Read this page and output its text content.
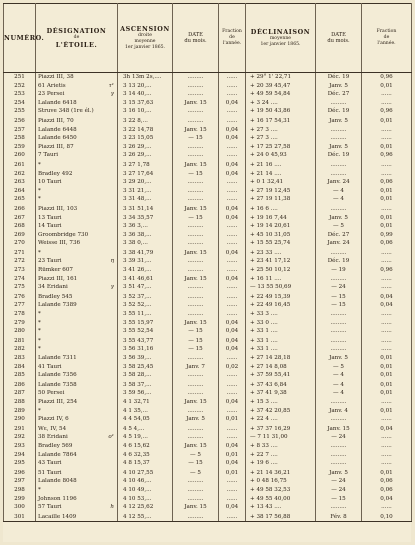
NUMÉRO.	DÉSIGNATION
de
L'ÉTOILE.	ASCENSION
droite
moyenne
1er janvier 1865.	DATE
du mois.	Fraction
de
l'année.	DÉCLINAISON
moyenne
1er janvier 1865.	DATE
du mois.	Fraction
de
l'année.

251	Piazzi III, 38	3h 13m 2s,....	.........	......	+ 29° 1' 22,71	Déc. 19	0,96
252	61 Arietis τ¹	3 13 20,...	.........	......	+ 20 39 45,47	Janv. 5	0,01
253	23 Persei γ	3 14 40,...	.........	......	+ 49 59 54,84	Déc. 27	......
254	Lalande 6418	3 15 37,63	Janv. 15	0,04	+ 3 24 ....	.........	......
255	Struve 348 (1re él.)	3 16 10,...	.........	......	+ 19 50 43,86	Déc. 19	0,96
256	Piazzi III, 70	3 22 8,...	.........	......	+ 16 17 54,31	Janv. 5	0,01
257	Lalande 6448	3 22 14,78	Janv. 15	0,04	+ 27 3 ....	.........	......
258	Lalande 6450	3 23 15,05	— 15	0,04	+ 27 3 ....	.........	......
259	Piazzi III, 87	3 26 29,...	.........	......	+ 17 25 27,58	Janv. 5	0,01
260	7 Tauri	3 26 29,...	.........	......	+ 24 0 45,93	Déc. 19	0,96
261	*	3 27 1,78	Janv. 15	0,04	+ 21 16 ....	.........	......
262	Bradley 492	3 27 17,64	— 15	0,04	+ 21 14 ....	.........	......
263	10 Tauri	3 29 20,...	.........	......	+ 0 1 32,41	Janv. 24	0,06
264	*	3 31 21,...	.........	......	+ 27 19 12,45	— 4	0,01
265	*	3 31 48,...	.........	......	+ 27 19 11,38	— 4	0,01
266	Piazzi III, 103	3 31 51,14	Janv. 15	0,04	+ 16 6 ....	.........	......
267	13 Tauri	3 34 35,57	— 15	0,04	+ 19 16 7,44	Janv. 5	0,01
268	14 Tauri	3 36 3,...	.........	......	+ 19 14 20,61	— 5	0,01
269	Groombridge 730	3 36 38,...	.........	......	+ 45 10 31,05	Déc. 27	0,99
270	Weisse III, 736	3 38 0,...	.........	......	+ 15 55 25,74	Janv. 24	0,06
271	*	3 38 41,79	Janv. 15	0,04	+ 23 33 ....	.........	......
272	23 Tauri η	3 39 31,...	.........	......	+ 23 41 17,12	Déc. 19	......
273	Rümker 607	3 41 26,...	.........	......	+ 25 50 10,12	— 19	0,96
274	Piazzi III, 161	3 41 46,61	Janv. 15	0,04	+ 16 11 ....	.........	......
275	34 Eridani γ	3 51 47,...	.........	......	— 13 55 50,69	— 24	......
276	Bradley 545	3 52 37,...	.........	......	+ 22 49 15,39	— 15	0,04
277	Lalande 7389	3 52 52,...	.........	......	+ 22 49 16,45	— 15	0,04
278	*	3 55 11,...	.........	......	+ 33 3 ....	.........	......
279	*	3 55 15,97	Janv. 15	0,04	+ 33 0 ....	.........	......
280	*	3 55 52,54	— 15	0,04	+ 33 1 ....	.........	......
281	*	3 55 43,77	— 15	0,04	+ 33 1 ....	.........	......
282	*	3 56 31,16	— 15	0,04	+ 33 1 ....	.........	......
283	Lalande 7311	3 56 39,...	.........	......	+ 27 14 28,18	Janv. 5	0,01
284	41 Tauri	3 58 25,45	Janv. 7	0,02	+ 27 14 8,08	— 5	0,01
285	Lalande 7356	3 58 28,...	.........	......	+ 37 59 55,41	— 4	0,01
286	Lalande 7358	3 58 37,...	.........	......	+ 37 43 6,84	— 4	0,01
287	50 Persei	3 59 56,...	.........	......	+ 37 41 9,38	— 4	0,01
288	Piazzi III, 254	4 1 32,71	Janv. 15	0,04	+ 15 3 ....	.........	......
289	*	4 1 35,...	.........	......	+ 37 42 20,85	Janv. 4	0,01
290	Piazzi IV, 6	4 4 54,05	Janv. 5	0,01	+ 22 4 ....	.........	......
291	Wε, IV, 54	4 5 4,...	.........	......	+ 37 37 16,29	Janv. 15	0,04
292	38 Eridani ο¹	4 5 19,...	.........	......	— 7 11 31,00	— 24	......
293	Bradley 569	4 6 15,62	Janv. 15	0,04	+ 8 33 ....	.........	......
294	Lalande 7864	4 6 32,35	— 5	0,01	+ 22 7 ....	.........	......
295	43 Tauri	4 8 15,37	— 15	0,04	+ 19 6 ....	.........	......
296	51 Tauri	4 10 27,55	— 5	0,01	+ 21 14 36,21	Janv. 5	0,01
297	Lalande 8048	4 10 46,...	.........	......	+ 0 48 16,75	— 24	0,06
298	*	4 10 49,...	.........	......	+ 49 58 32,53	— 24	0,06
299	Johnson 1196	4 10 53,...	.........	......	+ 49 55 40,00	— 15	0,04
300	57 Tauri h	4 12 25,62	Janv. 15	0,04	+ 13 43 ....	.........	......
301	Lacaille 1409	4 12 55,...	.........	......	+ 38 17 56,88	Fév. 8	0,10
